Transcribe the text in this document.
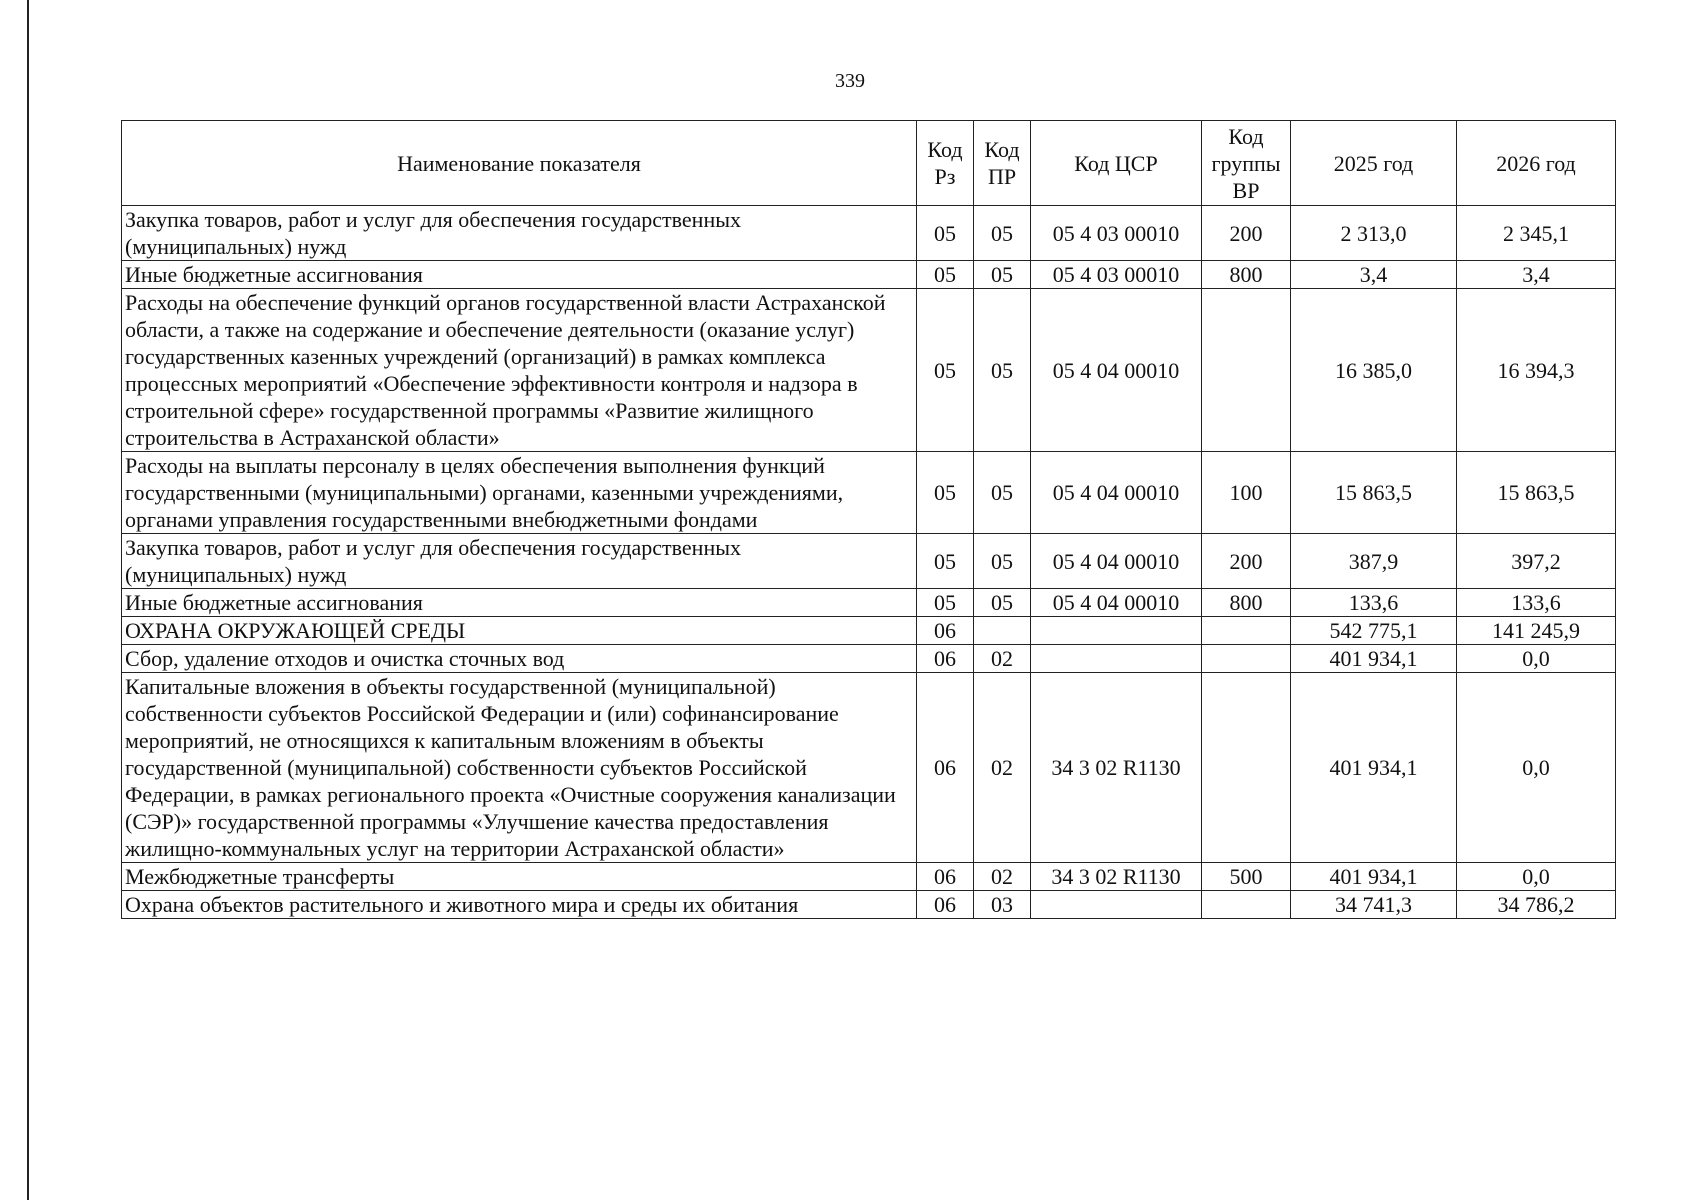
339
Наименование показателя	Код Рз	Код ПР	Код ЦСР	Код группы ВР	2025 год	2026 год
Закупка товаров, работ и услуг для обеспечения государственных (муниципальных) нужд	05	05	05 4 03 00010	200	2 313,0	2 345,1
Иные бюджетные ассигнования	05	05	05 4 03 00010	800	3,4	3,4
Расходы на обеспечение функций органов государственной власти Астраханской области, а также на содержание и обеспечение деятельности (оказание услуг) государственных казенных учреждений (организаций) в рамках комплекса процессных мероприятий «Обеспечение эффективности контроля и надзора в строительной сфере» государственной программы «Развитие жилищного строительства в Астраханской области»	05	05	05 4 04 00010		16 385,0	16 394,3
Расходы на выплаты персоналу в целях обеспечения выполнения функций государственными (муниципальными) органами, казенными учреждениями, органами управления государственными внебюджетными фондами	05	05	05 4 04 00010	100	15 863,5	15 863,5
Закупка товаров, работ и услуг для обеспечения государственных (муниципальных) нужд	05	05	05 4 04 00010	200	387,9	397,2
Иные бюджетные ассигнования	05	05	05 4 04 00010	800	133,6	133,6
ОХРАНА ОКРУЖАЮЩЕЙ СРЕДЫ	06				542 775,1	141 245,9
Сбор, удаление отходов и очистка сточных вод	06	02			401 934,1	0,0
Капитальные вложения в объекты государственной (муниципальной) собственности субъектов Российской Федерации и (или) софинансирование мероприятий, не относящихся к капитальным вложениям в объекты государственной (муниципальной) собственности субъектов Российской Федерации, в рамках регионального проекта «Очистные сооружения канализации (СЭР)» государственной программы «Улучшение качества предоставления жилищно-коммунальных услуг на территории Астраханской области»	06	02	34 3 02 R1130		401 934,1	0,0
Межбюджетные трансферты	06	02	34 3 02 R1130	500	401 934,1	0,0
Охрана объектов растительного и животного мира и среды их обитания	06	03			34 741,3	34 786,2
